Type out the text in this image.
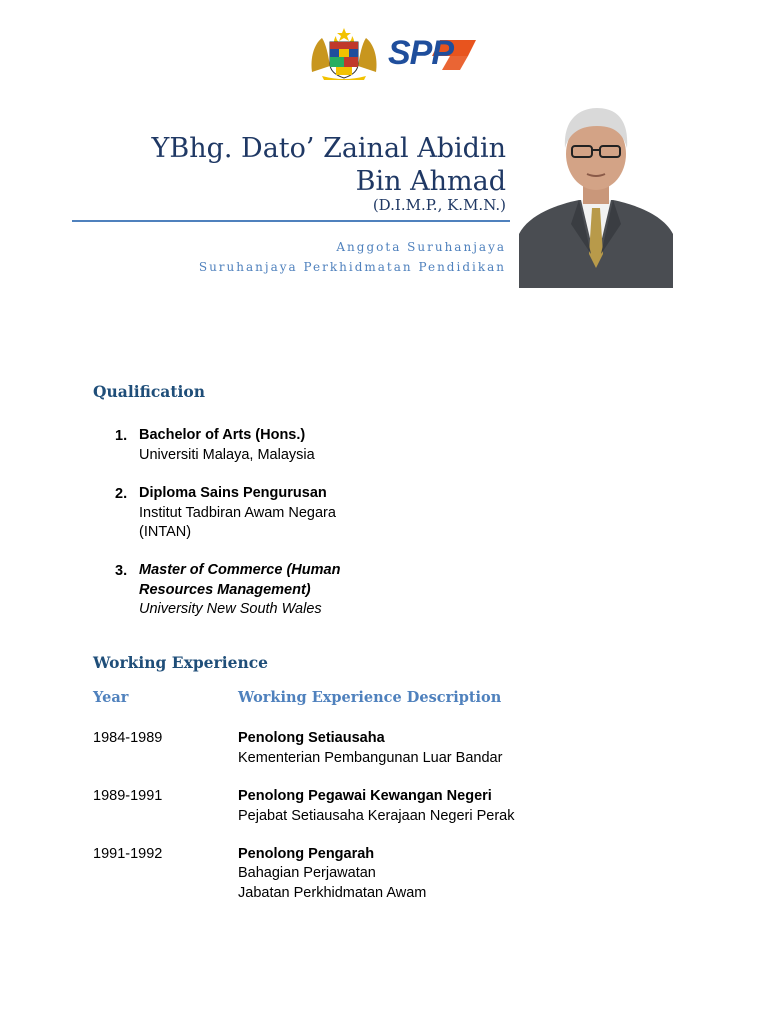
SPP
YBhg. Dato’ Zainal Abidin
Bin Ahmad
(D.I.M.P., K.M.N.)
Anggota Suruhanjaya
Suruhanjaya Perkhidmatan Pendidikan
Qualification
1. Bachelor of Arts (Hons.)
Universiti Malaya, Malaysia
2. Diploma Sains Pengurusan
Institut Tadbiran Awam Negara
(INTAN)
3. Master of Commerce (Human
Resources Management)
University New South Wales
Working Experience
Year	Working Experience Description
1984-1989	Penolong Setiausaha
Kementerian Pembangunan Luar Bandar
1989-1991	Penolong Pegawai Kewangan Negeri
Pejabat Setiausaha Kerajaan Negeri Perak
1991-1992	Penolong Pengarah
Bahagian Perjawatan
Jabatan Perkhidmatan Awam
